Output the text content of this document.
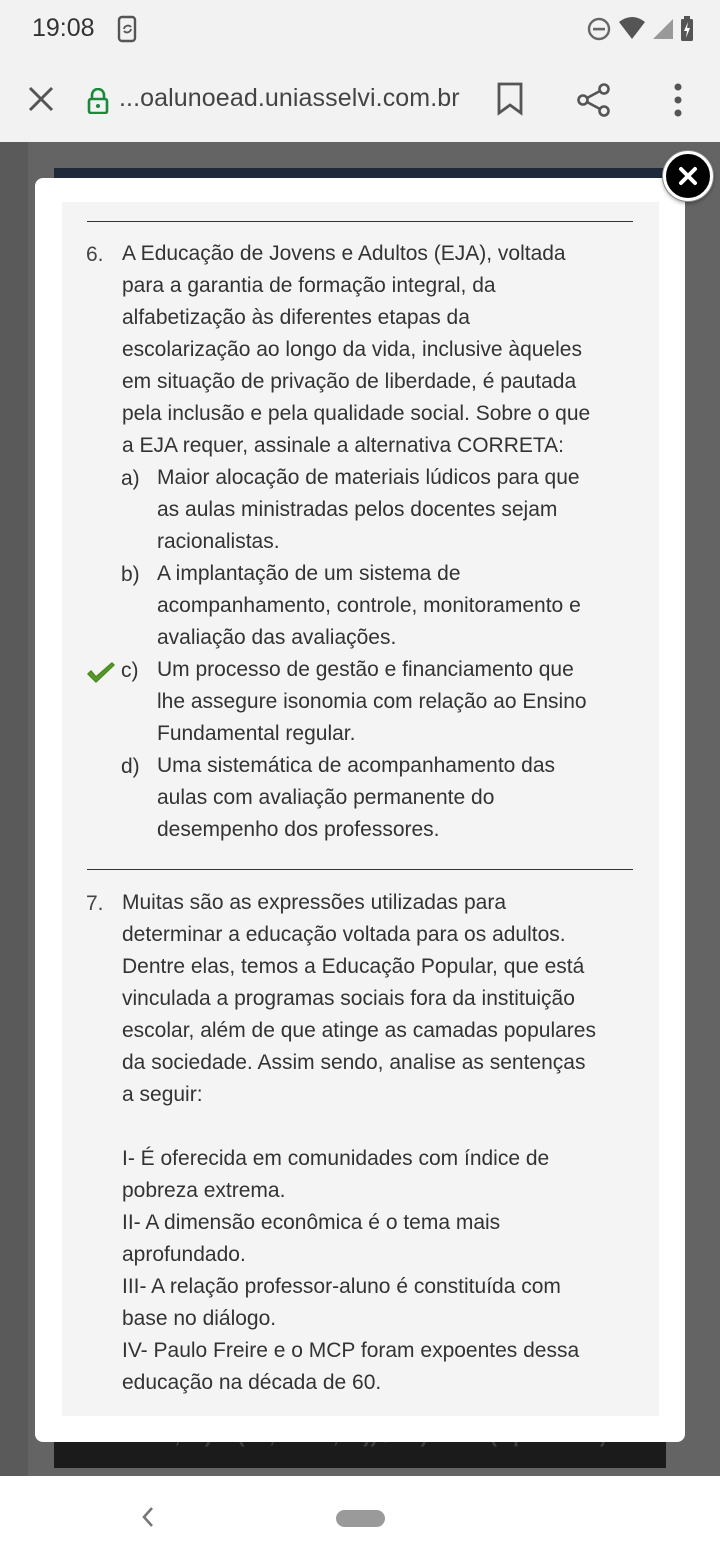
19:08
...oalunoead.uniasselvi.com.br
6. A Educação de Jovens e Adultos (EJA), voltada
para a garantia de formação integral, da
alfabetização às diferentes etapas da
escolarização ao longo da vida, inclusive àqueles
em situação de privação de liberdade, é pautada
pela inclusão e pela qualidade social. Sobre o que
a EJA requer, assinale a alternativa CORRETA:
a) Maior alocação de materiais lúdicos para que
as aulas ministradas pelos docentes sejam
racionalistas.
b) A implantação de um sistema de
acompanhamento, controle, monitoramento e
avaliação das avaliações.
c) Um processo de gestão e financiamento que
lhe assegure isonomia com relação ao Ensino
Fundamental regular.
d) Uma sistemática de acompanhamento das
aulas com avaliação permanente do
desempenho dos professores.
7. Muitas são as expressões utilizadas para
determinar a educação voltada para os adultos.
Dentre elas, temos a Educação Popular, que está
vinculada a programas sociais fora da instituição
escolar, além de que atinge as camadas populares
da sociedade. Assim sendo, analise as sentenças
a seguir:
I- É oferecida em comunidades com índice de
pobreza extrema.
II- A dimensão econômica é o tema mais
aprofundado.
III- A relação professor-aluno é constituída com
base no diálogo.
IV- Paulo Freire e o MCP foram expoentes dessa
educação na década de 60.
